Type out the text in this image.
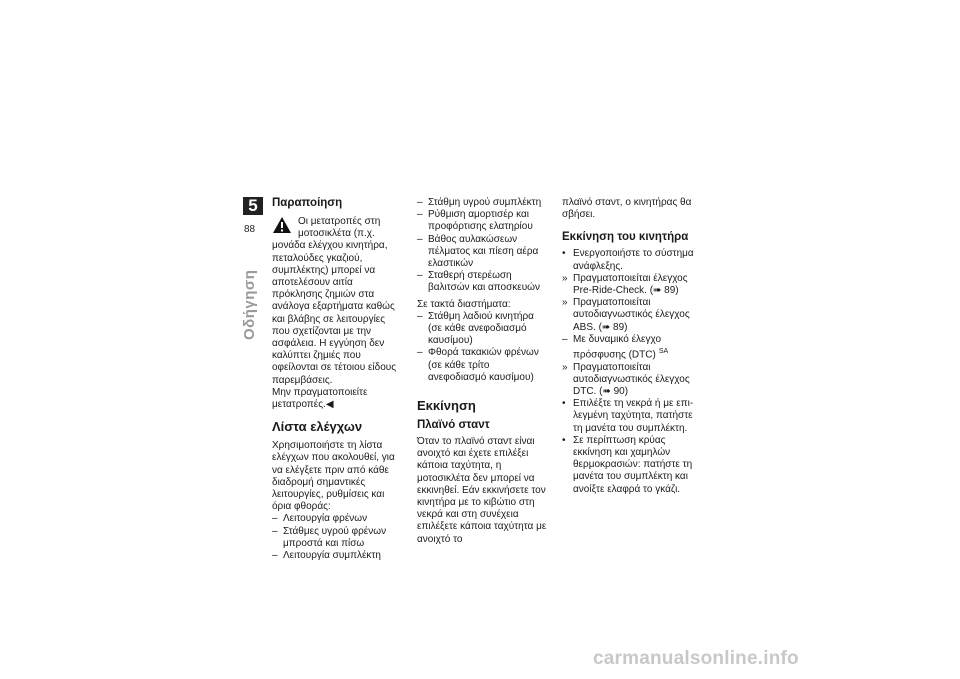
5
88
Οδήγηση
Παραποίηση

Οι μετατροπές στη μοτοσικλέτα (π.χ. μονάδα ελέγχου κινητήρα, πεταλούδες γκαζιού, συμπλέκτης) μπορεί να αποτελέσουν αιτία πρόκλησης ζημιών στα ανάλογα εξαρτήματα καθώς και βλάβης σε λειτουργίες που σχετίζονται με την ασφάλεια. Η εγγύηση δεν καλύπτει ζημιές που οφείλονται σε τέτοιου είδους παρεμβάσεις.

Μην πραγματοποιείτε μετατροπές.◀

Λίστα ελέγχων

Χρησιμοποιήστε τη λίστα ελέγχων που ακολουθεί, για να ελέγξετε πριν από κάθε διαδρομή σημαντικές λειτουργίες, ρυθμίσεις και όρια φθοράς:

– Λειτουργία φρένων
– Στάθμες υγρού φρένων μπροστά και πίσω
– Λειτουργία συμπλέκτη
– Στάθμη υγρού συμπλέκτη
– Ρύθμιση αμορτισέρ και προφόρτισης ελατηρίου
– Βάθος αυλακώσεων πέλματος και πίεση αέρα ελαστικών
– Σταθερή στερέωση βαλιτσών και αποσκευών

Σε τακτά διαστήματα:

– Στάθμη λαδιού κινητήρα (σε κάθε ανεφοδιασμό καυσίμου)
– Φθορά τακακιών φρένων (σε κάθε τρίτο ανεφοδιασμό καυσίμου)
Εκκίνηση
Πλαϊνό σταντ

Όταν το πλαϊνό σταντ είναι ανοιχτό και έχετε επιλέξει κάποια ταχύτητα, η μοτοσικλέτα δεν μπορεί να εκκινηθεί. Εάν εκκινήσετε τον κινητήρα με το κιβώτιο στη νεκρά και στη συνέχεια επιλέξετε κάποια ταχύτητα με ανοιχτό το

πλαϊνό σταντ, ο κινητήρας θα σβήσει.

Εκκίνηση του κινητήρα
• Ενεργοποιήστε το σύστημα ανάφλεξης.
» Πραγματοποιείται έλεγχος Pre-Ride-Check. (➠ 89)
» Πραγματοποιείται αυτοδιαγνωστικός έλεγχος ABS. (➠ 89)
– Με δυναμικό έλεγχο πρόσφυσης (DTC) $^{SA}$
» Πραγματοποιείται αυτοδιαγνωστικός έλεγχος DTC. (➠ 90)
• Επιλέξτε τη νεκρά ή με επιλεγμένη ταχύτητα, πατήστε τη μανέτα του συμπλέκτη.
• Σε περίπτωση κρύας εκκίνηση και χαμηλών θερμοκρασιών: πατήστε τη μανέτα του συμπλέκτη και ανοίξτε ελαφρά το γκάζι.
carmanualsonline.info
